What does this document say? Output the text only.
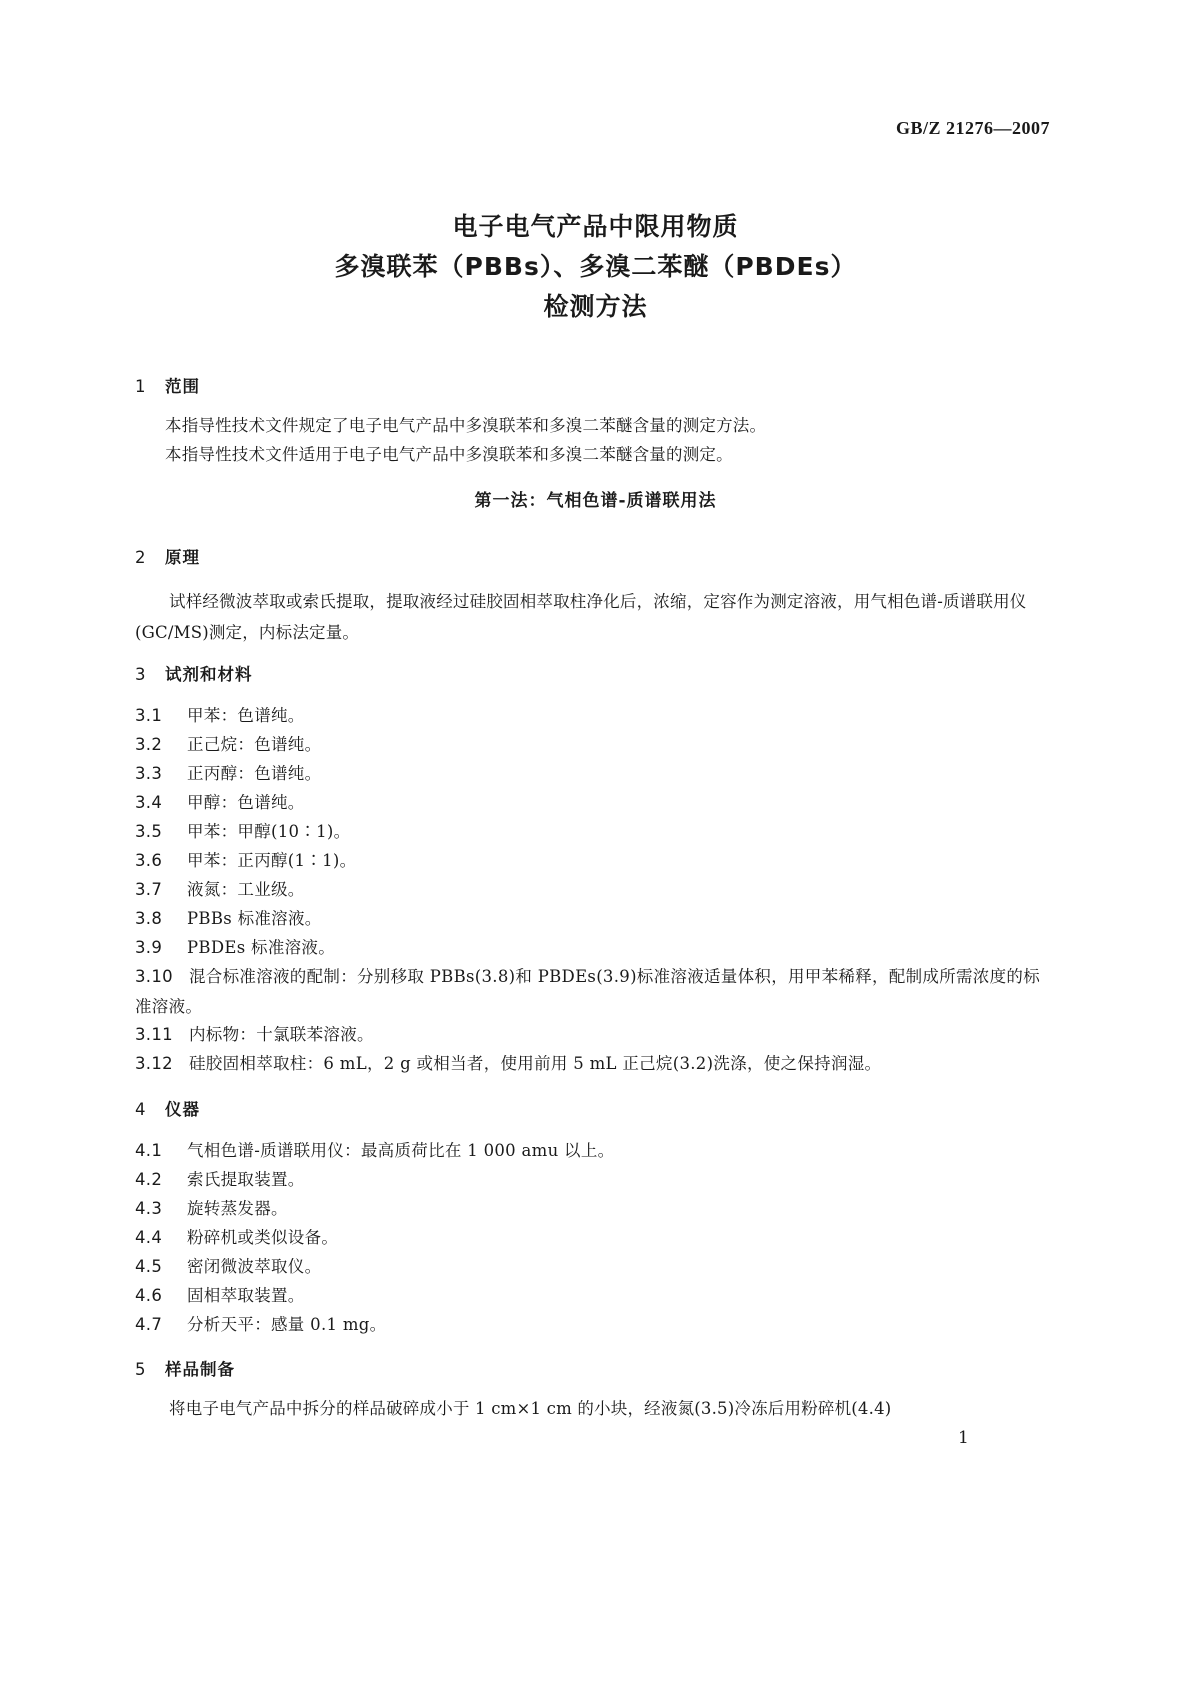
GB/Z 21276—2007
电子电气产品中限用物质
多溴联苯（PBBs）、多溴二苯醚（PBDEs）
检测方法
1 范围
本指导性技术文件规定了电子电气产品中多溴联苯和多溴二苯醚含量的测定方法。
本指导性技术文件适用于电子电气产品中多溴联苯和多溴二苯醚含量的测定。
第一法：气相色谱-质谱联用法
2 原理
试样经微波萃取或索氏提取，提取液经过硅胶固相萃取柱净化后，浓缩，定容作为测定溶液，用气相色谱-质谱联用仪(GC/MS)测定，内标法定量。
3 试剂和材料
3.1 甲苯：色谱纯。
3.2 正己烷：色谱纯。
3.3 正丙醇：色谱纯。
3.4 甲醇：色谱纯。
3.5 甲苯：甲醇(10∶1)。
3.6 甲苯：正丙醇(1∶1)。
3.7 液氮：工业级。
3.8 PBBs 标准溶液。
3.9 PBDEs 标准溶液。
3.10 混合标准溶液的配制：分别移取 PBBs(3.8)和 PBDEs(3.9)标准溶液适量体积，用甲苯稀释，配制成所需浓度的标准溶液。
3.11 内标物：十氯联苯溶液。
3.12 硅胶固相萃取柱：6 mL，2 g 或相当者，使用前用 5 mL 正己烷(3.2)洗涤，使之保持润湿。
4 仪器
4.1 气相色谱-质谱联用仪：最高质荷比在 1 000 amu 以上。
4.2 索氏提取装置。
4.3 旋转蒸发器。
4.4 粉碎机或类似设备。
4.5 密闭微波萃取仪。
4.6 固相萃取装置。
4.7 分析天平：感量 0.1 mg。
5 样品制备
将电子电气产品中拆分的样品破碎成小于 1 cm×1 cm 的小块，经液氮(3.5)冷冻后用粉碎机(4.4)
1
